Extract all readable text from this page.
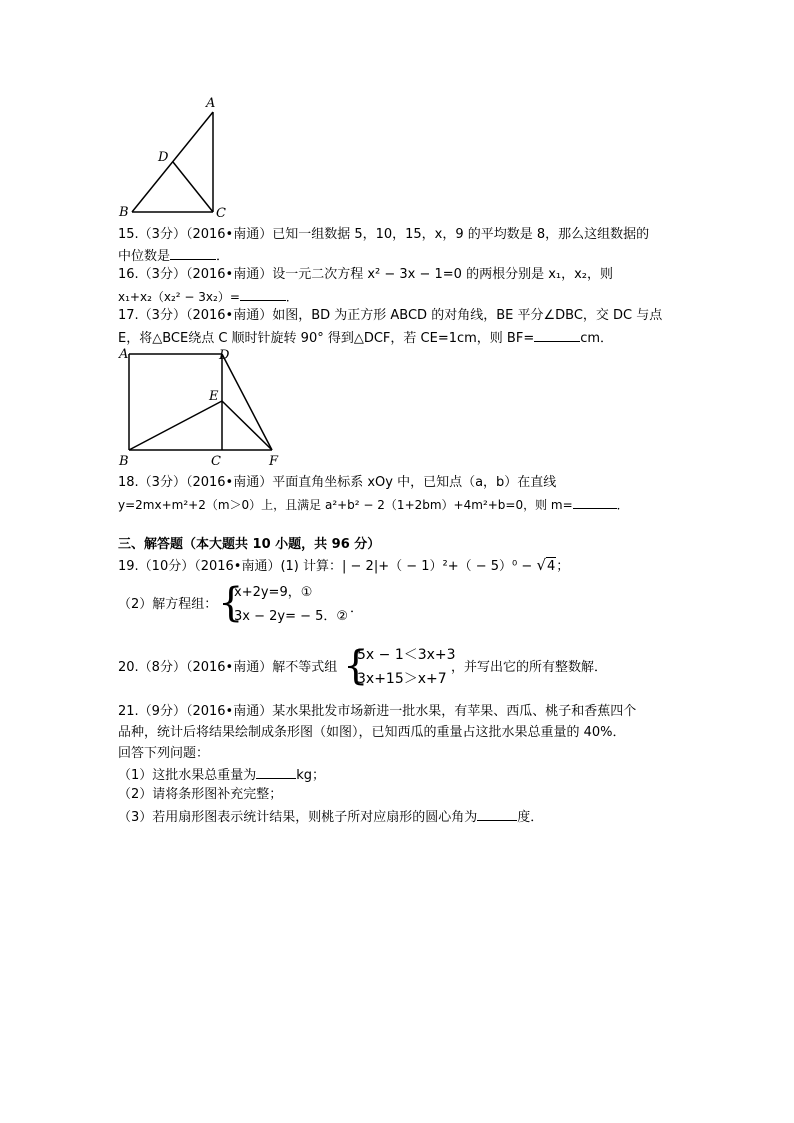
A
D
B	C
15.（3分）（2016•南通）已知一组数据 5，10，15，x，9 的平均数是 8，那么这组数据的
中位数是	．
16.（3分）（2016•南通）设一元二次方程 x² − 3x − 1=0 的两根分别是 x₁，x₂，则
x₁+x₂（x₂² − 3x₂）=	．
17.（3分）（2016•南通）如图，BD 为正方形 ABCD 的对角线，BE 平分∠DBC，交 DC 与点
E，将△BCE绕点 C 顺时针旋转 90° 得到△DCF，若 CE=1cm，则 BF=	cm．
A	D
E
B	C	F
18.（3分）（2016•南通）平面直角坐标系 xOy 中，已知点（a，b）在直线
y=2mx+m²+2（m＞0）上，且满足 a²+b² − 2（1+2bm）+4m²+b=0，则 m=	．
三、解答题（本大题共 10 小题，共 96 分）
19.（10分）（2016•南通）(1) 计算：| − 2|+（ − 1）²+（ − 5）⁰ − √4；
（2）解方程组： {
x+2y=9，①
3x − 2y= − 5．②
．
20.（8分）（2016•南通）解不等式组 {
5x − 1＜3x+3
3x+15＞x+7
，并写出它的所有整数解．
21.（9分）（2016•南通）某水果批发市场新进一批水果，有苹果、西瓜、桃子和香蕉四个
品种，统计后将结果绘制成条形图（如图），已知西瓜的重量占这批水果总重量的 40%．
回答下列问题：
（1）这批水果总重量为	kg；
（2）请将条形图补充完整；
（3）若用扇形图表示统计结果，则桃子所对应扇形的圆心角为	度．
